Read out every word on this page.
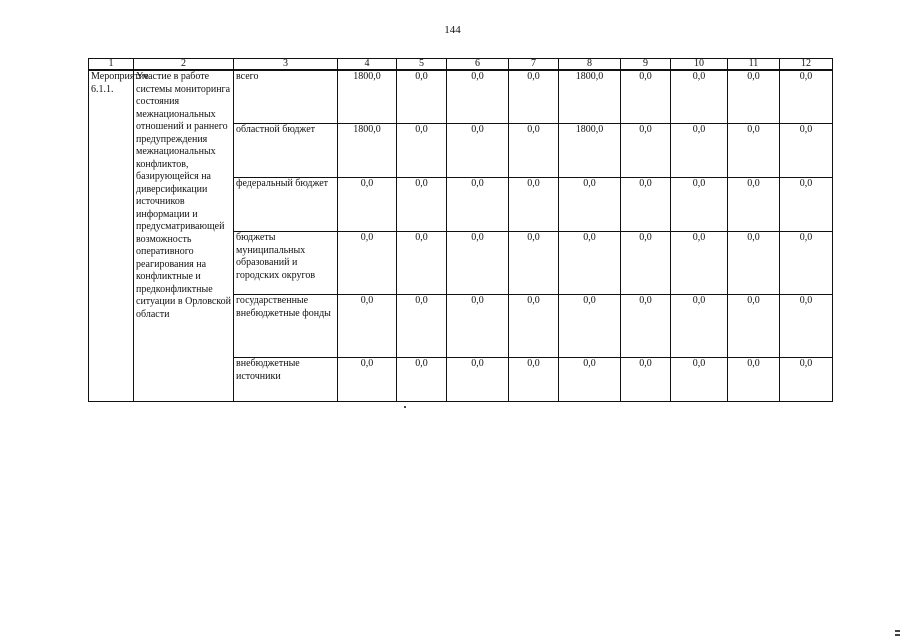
144
1	2	3	4	5	6	7	8	9	10	11	12
Мероприятие 6.1.1.	Участие в работе системы мониторинга состояния межнациональных отношений и раннего предупреждения межнациональных конфликтов, базирующейся на диверсификации источников информации и предусматривающей возможность оперативного реагирования на конфликтные и предконфликтные ситуации в Орловской области	всего	1800,0	0,0	0,0	0,0	1800,0	0,0	0,0	0,0	0,0
		областной бюджет	1800,0	0,0	0,0	0,0	1800,0	0,0	0,0	0,0	0,0
		федеральный бюджет	0,0	0,0	0,0	0,0	0,0	0,0	0,0	0,0	0,0
		бюджеты муниципальных образований и городских округов	0,0	0,0	0,0	0,0	0,0	0,0	0,0	0,0	0,0
		государственные внебюджетные фонды	0,0	0,0	0,0	0,0	0,0	0,0	0,0	0,0	0,0
		внебюджетные источники	0,0	0,0	0,0	0,0	0,0	0,0	0,0	0,0	0,0
